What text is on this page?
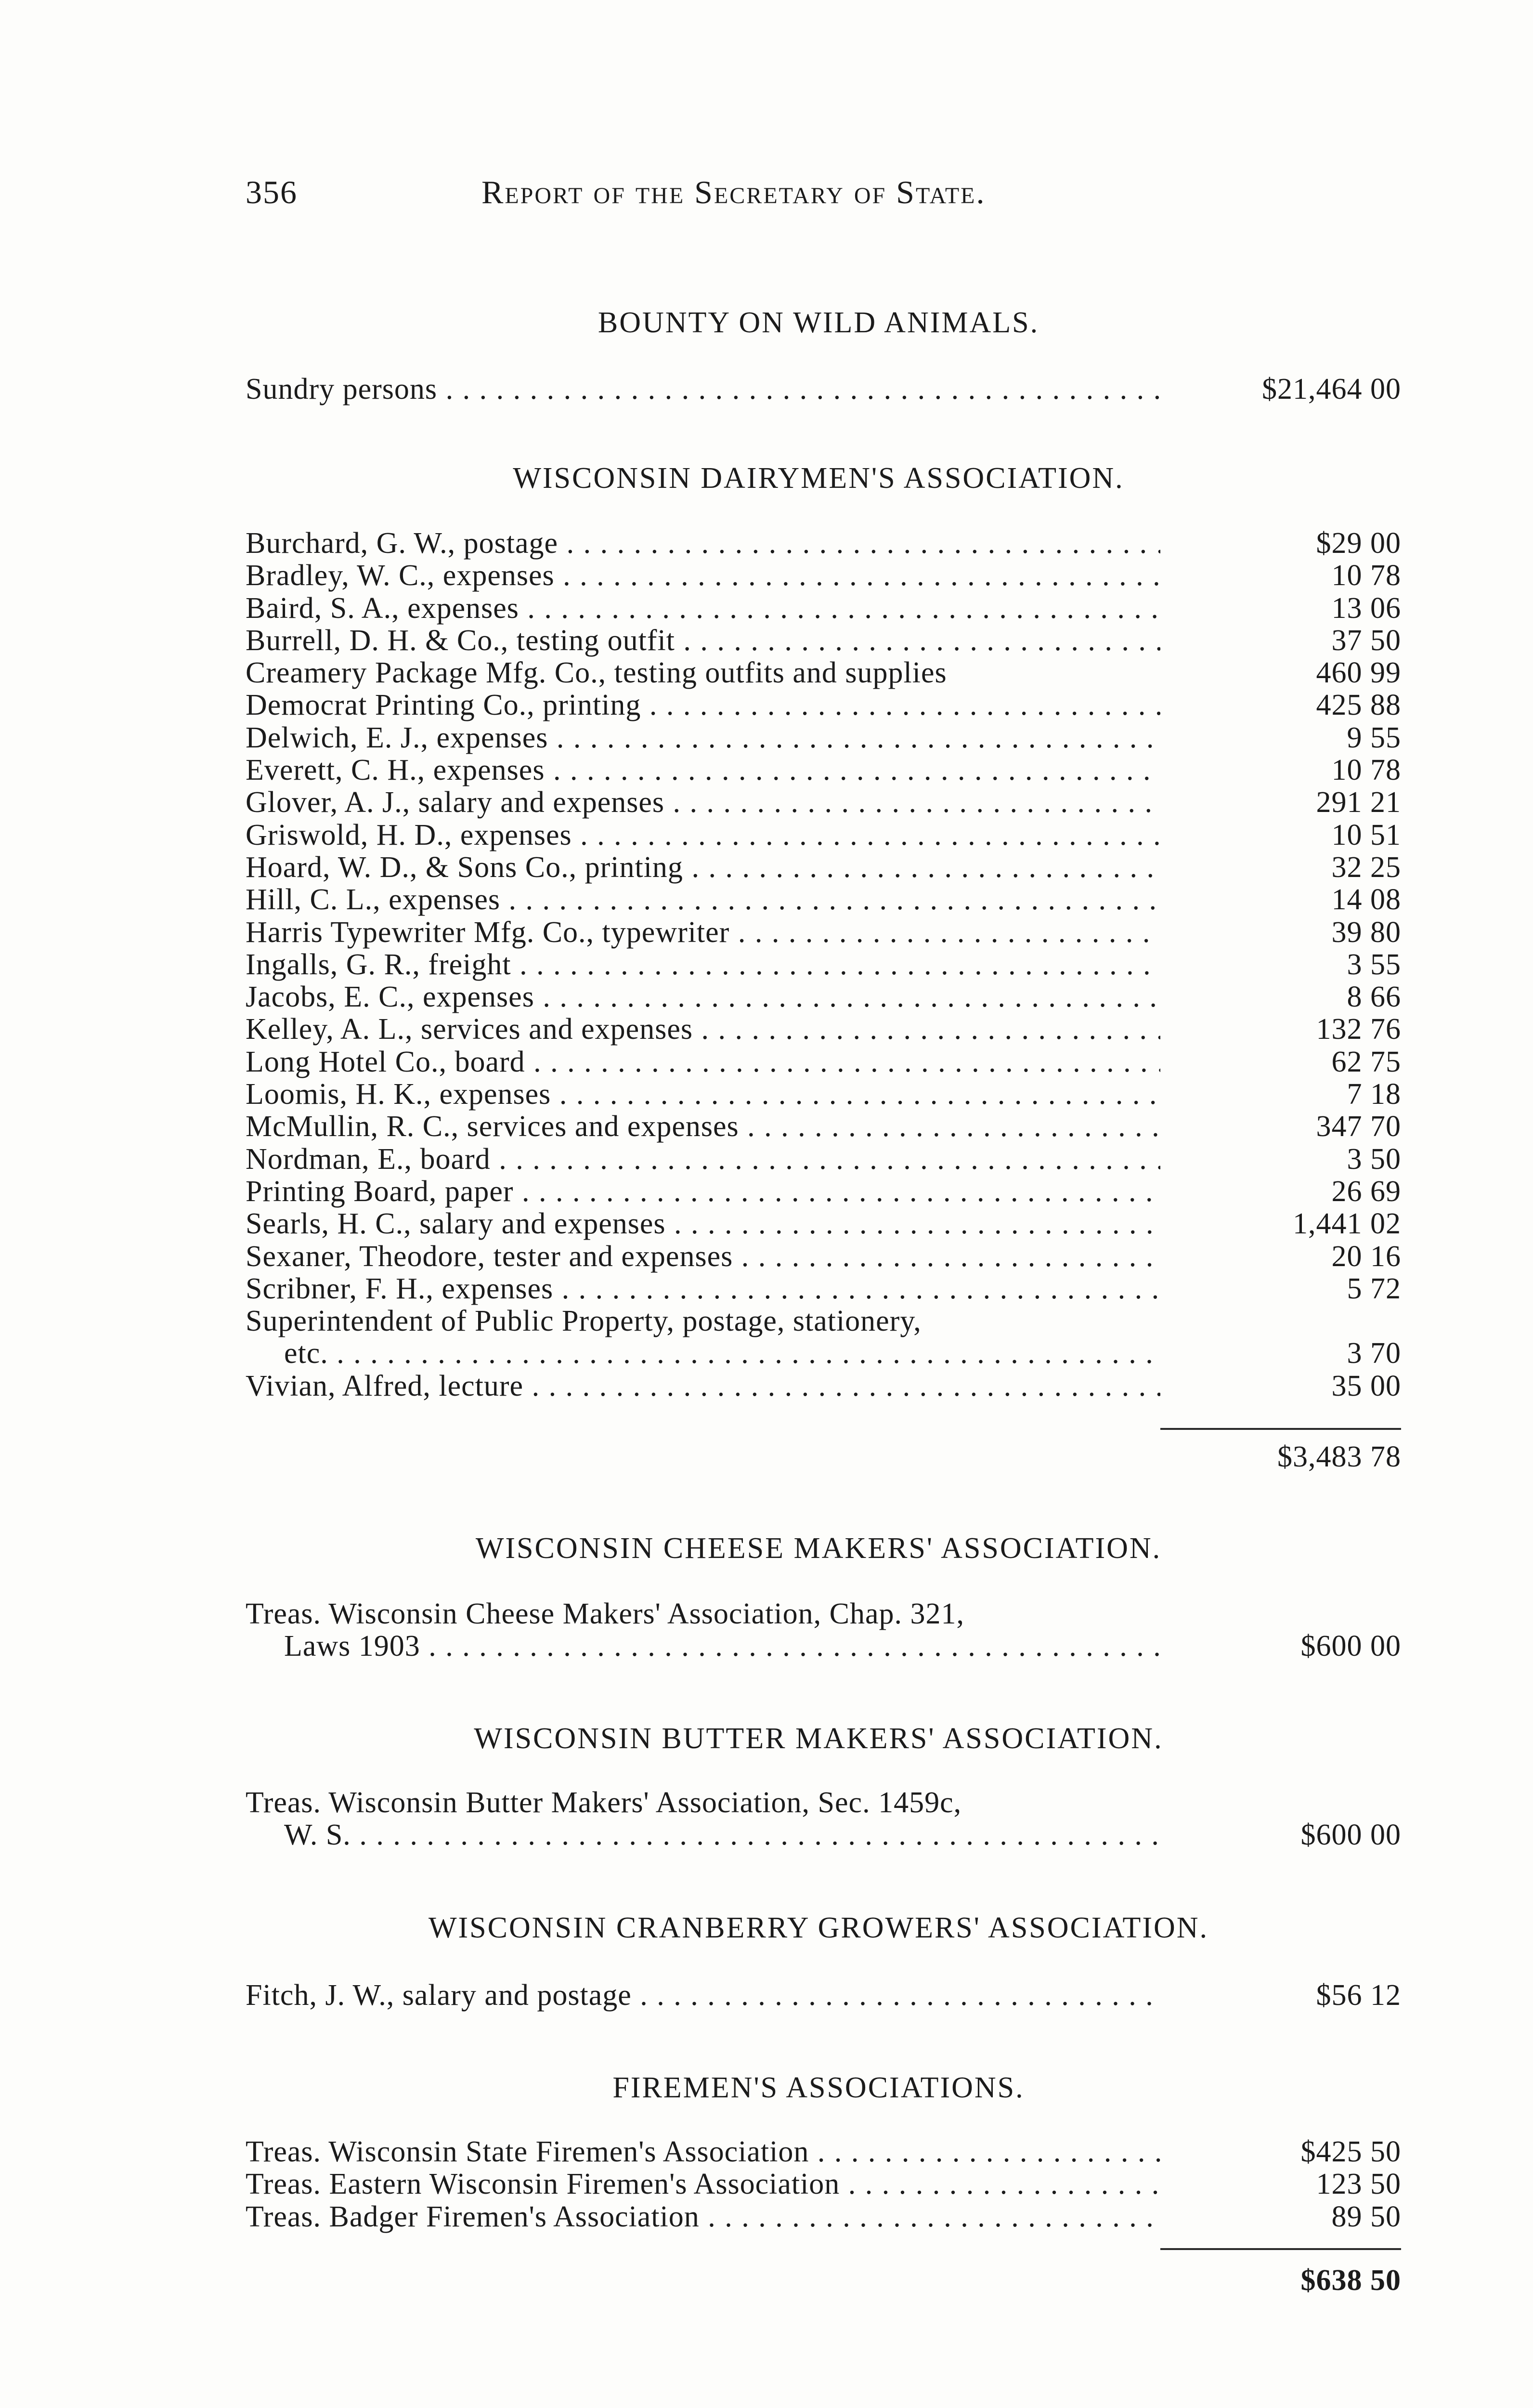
356	Report of the Secretary of State.
BOUNTY ON WILD ANIMALS.
Sundry persons . . .	$21,464 00
WISCONSIN DAIRYMEN'S ASSOCIATION.
Burchard, G. W., postage . . .	$29 00
Bradley, W. C., expenses . . .	10 78
Baird, S. A., expenses . . .	13 06
Burrell, D. H. & Co., testing outfit . . .	37 50
Creamery Package Mfg. Co., testing outfits and supplies	460 99
Democrat Printing Co., printing . . .	425 88
Delwich, E. J., expenses . . .	9 55
Everett, C. H., expenses . . .	10 78
Glover, A. J., salary and expenses . . .	291 21
Griswold, H. D., expenses . . .	10 51
Hoard, W. D., & Sons Co., printing . . .	32 25
Hill, C. L., expenses . . .	14 08
Harris Typewriter Mfg. Co., typewriter . . .	39 80
Ingalls, G. R., freight . . .	3 55
Jacobs, E. C., expenses . . .	8 66
Kelley, A. L., services and expenses . . .	132 76
Long Hotel Co., board . . .	62 75
Loomis, H. K., expenses . . .	7 18
McMullin, R. C., services and expenses . . .	347 70
Nordman, E., board . . .	3 50
Printing Board, paper . . .	26 69
Searls, H. C., salary and expenses . . .	1,441 02
Sexaner, Theodore, tester and expenses . . .	20 16
Scribner, F. H., expenses . . .	5 72
Superintendent of Public Property, postage, stationery,
etc. . . .	3 70
Vivian, Alfred, lecture . . .	35 00
$3,483 78
WISCONSIN CHEESE MAKERS' ASSOCIATION.
Treas. Wisconsin Cheese Makers' Association, Chap. 321,
Laws 1903 . . .	$600 00
WISCONSIN BUTTER MAKERS' ASSOCIATION.
Treas. Wisconsin Butter Makers' Association, Sec. 1459c,
W. S. . . .	$600 00
WISCONSIN CRANBERRY GROWERS' ASSOCIATION.
Fitch, J. W., salary and postage . . .	$56 12
FIREMEN'S ASSOCIATIONS.
Treas. Wisconsin State Firemen's Association . . .	$425 50
Treas. Eastern Wisconsin Firemen's Association . . .	123 50
Treas. Badger Firemen's Association . . .	89 50
$638 50
